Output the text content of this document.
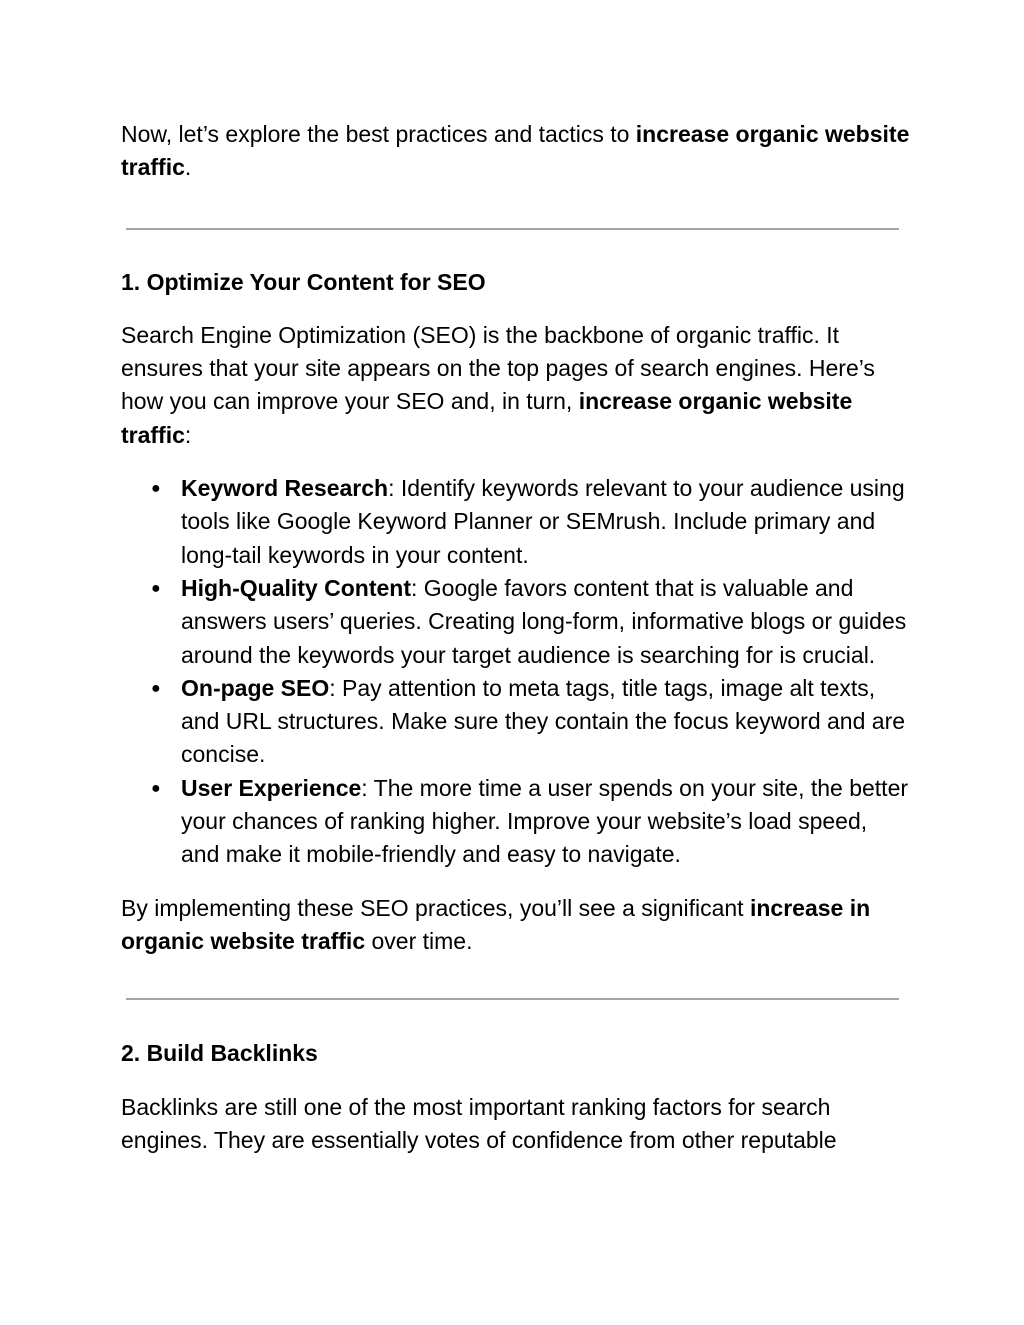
Now, let’s explore the best practices and tactics to increase organic website traffic.

1. Optimize Your Content for SEO

Search Engine Optimization (SEO) is the backbone of organic traffic. It ensures that your site appears on the top pages of search engines. Here’s how you can improve your SEO and, in turn, increase organic website traffic:

● Keyword Research: Identify keywords relevant to your audience using tools like Google Keyword Planner or SEMrush. Include primary and long-tail keywords in your content.
● High-Quality Content: Google favors content that is valuable and answers users’ queries. Creating long-form, informative blogs or guides around the keywords your target audience is searching for is crucial.
● On-page SEO: Pay attention to meta tags, title tags, image alt texts, and URL structures. Make sure they contain the focus keyword and are concise.
● User Experience: The more time a user spends on your site, the better your chances of ranking higher. Improve your website’s load speed, and make it mobile-friendly and easy to navigate.

By implementing these SEO practices, you’ll see a significant increase in organic website traffic over time.

2. Build Backlinks

Backlinks are still one of the most important ranking factors for search engines. They are essentially votes of confidence from other reputable
